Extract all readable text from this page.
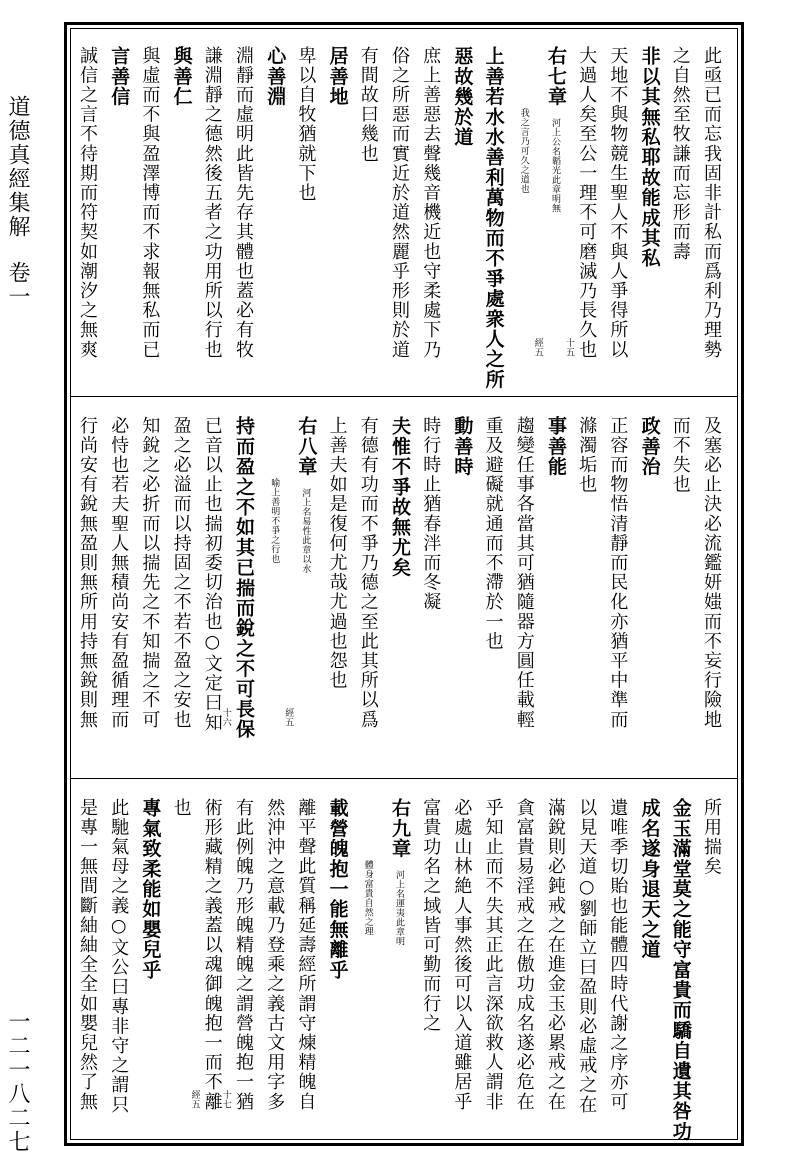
道德真經集解卷一
一二一八二七
此亟已而忘我固非計私而爲利乃理勢
之自然至牧謙而忘形而壽
非以其無私耶故能成其私
天地不與物競生聖人不與人爭得所以
大過人矣至公一理不可磨滅乃長久也
右七章
河上公名韜光此章明無
十五
我之言乃可久之道也
經五
上善若水水善利萬物而不爭處衆人之所
惡故幾於道
庶上善惡去聲幾音機近也守柔處下乃
俗之所惡而實近於道然麗乎形則於道
有間故曰幾也
居善地
卑以自牧猶就下也
心善淵
淵靜而虛明此皆先存其體也蓋必有牧
謙淵靜之德然後五者之功用所以行也
與善仁
與虛而不與盈澤博而不求報無私而已
言善信
誠信之言不待期而符契如潮汐之無爽
及塞必止決必流鑑妍媸而不妄行險地
而不失也
政善治
正容而物悟清靜而民化亦猶平中準而
滌濁垢也
事善能
趨變任事各當其可猶隨器方圓任載輕
重及避礙就通而不滯於一也
動善時
時行時止猶春泮而冬凝
夫惟不爭故無尤矣
有德有功而不爭乃德之至此其所以爲
上善夫如是復何尤哉尤過也怨也
右八章
河上名易性此章以水
喻上善明不爭之行也
經五
持而盈之不如其已揣而銳之不可長保
已音以止也揣初委切治也○文定曰知
十六
盈之必溢而以持固之不若不盈之安也
知銳之必折而以揣先之不知揣之不可
必恃也若夫聖人無積尚安有盈循理而
行尚安有銳無盈則無所用持無銳則無
所用揣矣
金玉滿堂莫之能守富貴而驕自遺其咎功
成名遂身退天之道
遺唯季切貽也能體四時代謝之序亦可
以見天道○劉師立曰盈則必虛戒之在
滿銳則必鈍戒之在進金玉必累戒之在
貪富貴易淫戒之在傲功成名遂必危在
乎知止而不失其正此言深欲救人謂非
必處山林絶人事然後可以入道雖居乎
富貴功名之域皆可勤而行之
右九章
河上名運夷此章明
體身富貴自然之理
載營魄抱一能無離乎
離平聲此質稱延壽經所謂守煉精魄自
然沖沖之意載乃登乘之義古文用字多
有此例魄乃形魄精魄之謂營魄抱一猶
術形藏精之義蓋以魂御魄抱一而不離
十七
也
經五
專氣致柔能如嬰兒乎
此馳氣母之義○文公曰專非守之謂只
是專一無間斷紬紬全全如嬰兒然了無
